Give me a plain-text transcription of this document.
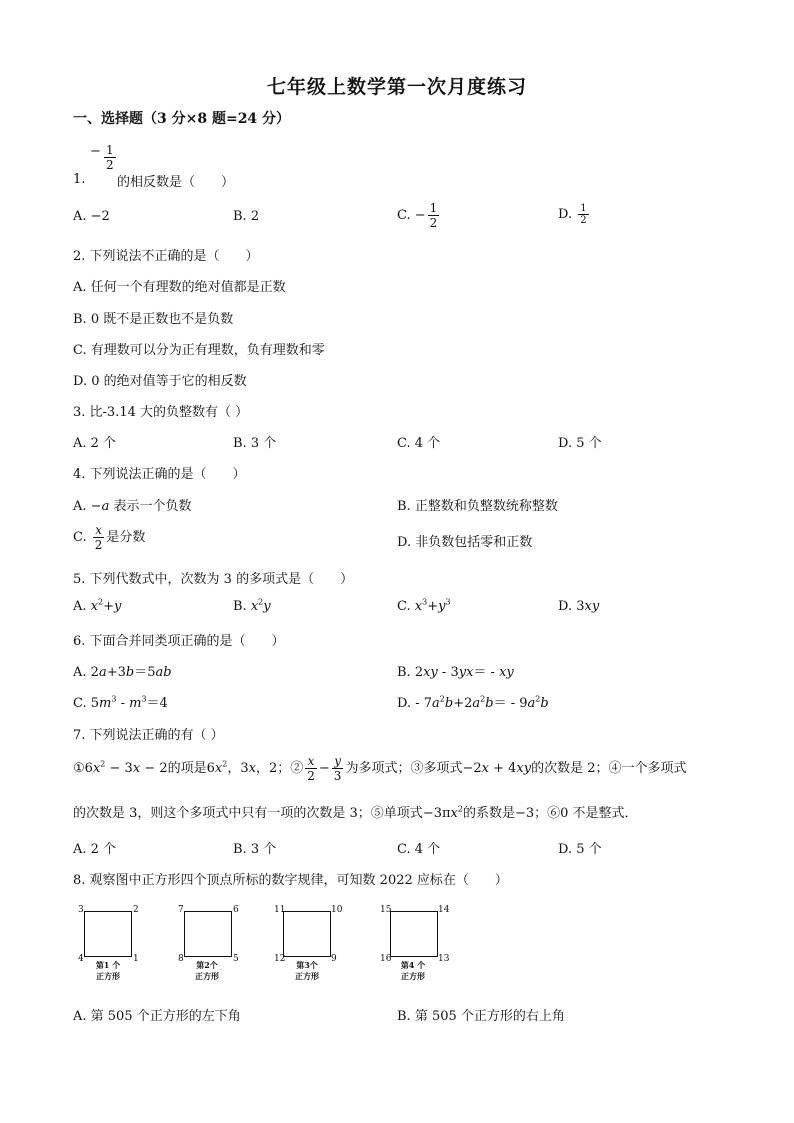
七年级上数学第一次月度练习
一、选择题（3 分×8 题=24 分）
− $\frac{1}{2}$
1. 的相反数是（　　）
A. −2	B. 2	C. − $\frac{1}{2}$	D. $\frac{1}{2}$
2. 下列说法不正确的是（　　）
A. 任何一个有理数的绝对值都是正数
B. 0 既不是正数也不是负数
C. 有理数可以分为正有理数，负有理数和零
D. 0 的绝对值等于它的相反数
3. 比-3.14 大的负整数有（ ）
A. 2 个	B. 3 个	C. 4 个	D. 5 个
4. 下列说法正确的是（　　）
A. −a 表示一个负数	B. 正整数和负整数统称整数
C. $\frac{x}{2}$ 是分数	D. 非负数包括零和正数
5. 下列代数式中，次数为 3 的多项式是（　　）
A. $x^2+y$	B. $x^2y$	C. $x^3+y^3$	D. 3xy
6. 下面合并同类项正确的是（　　）
A. 2a+3b＝5ab	B. 2xy - 3yx＝ - xy
C. $5m^3 - m^3=4$	D. - $7a^2b+2a^2b= - 9a^2b$
7. 下列说法正确的有（ ）
$①6x^2 - 3x - 2$的项是$6x^2$，3x，2；② $\frac{x}{2} - \frac{y}{3}$ 为多项式；③多项式−2x + 4xy的次数是 2；④一个多项式
的次数是 3，则这个多项式中只有一项的次数是 3；⑤单项式$-3\pi x^2$的系数是−3；⑥0 不是整式．
A. 2 个	B. 3 个	C. 4 个	D. 5 个
8. 观察图中正方形四个顶点所标的数字规律，可知数 2022 应标在（　　）
3	2
4	1
第1 个
正方形
7	6
8	5
第2个
正方形
11	10
12	9
第3个
正方形
15	14
16	13
第4 个
正方形
A. 第 505 个正方形的左下角	B. 第 505 个正方形的右上角
